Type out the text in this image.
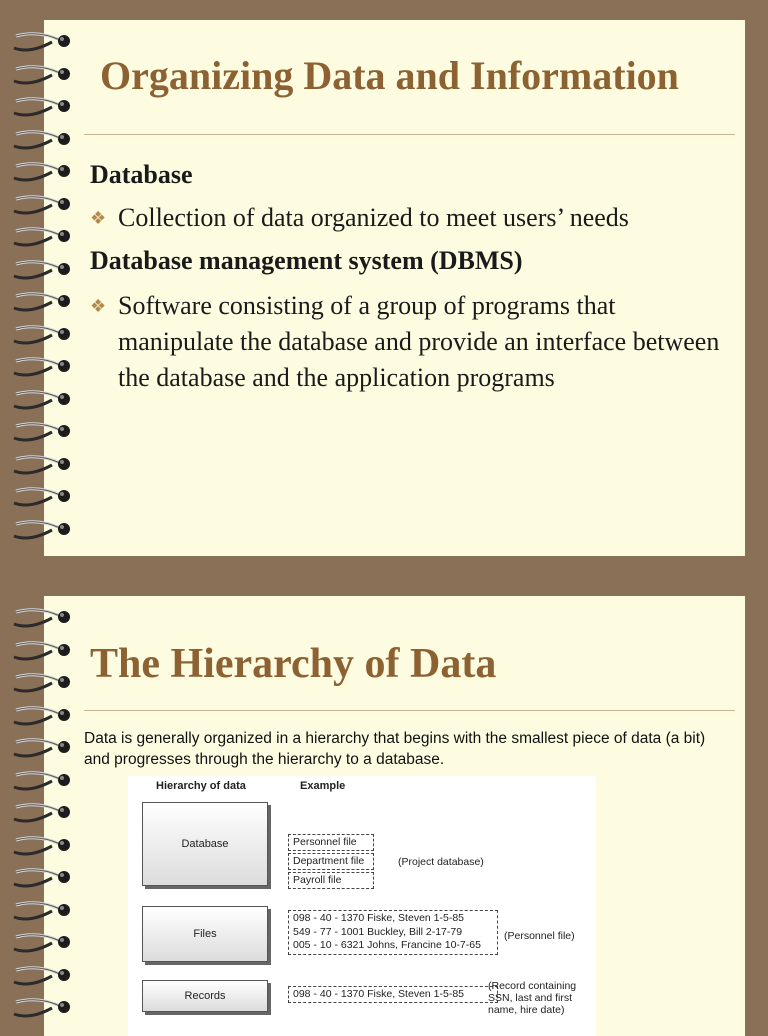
Organizing Data and Information
Database
❖ Collection of data organized to meet users’ needs
Database management system (DBMS)
❖ Software consisting of a group of programs that manipulate the database and provide an interface between the database and the application programs
The Hierarchy of Data
Data is generally organized in a hierarchy that begins with the smallest piece of data (a bit) and progresses through the hierarchy to a database.
Hierarchy of data	Example
Database	Personnel file
Department file
Payroll file
(Project database)
Files
098 - 40 - 1370 Fiske, Steven 1-5-85
549 - 77 - 1001 Buckley, Bill 2-17-79
005 - 10 - 6321 Johns, Francine 10-7-65
(Personnel file)
Records	098 - 40 - 1370 Fiske, Steven 1-5-85
(Record containing
SSN, last and first
name, hire date)
